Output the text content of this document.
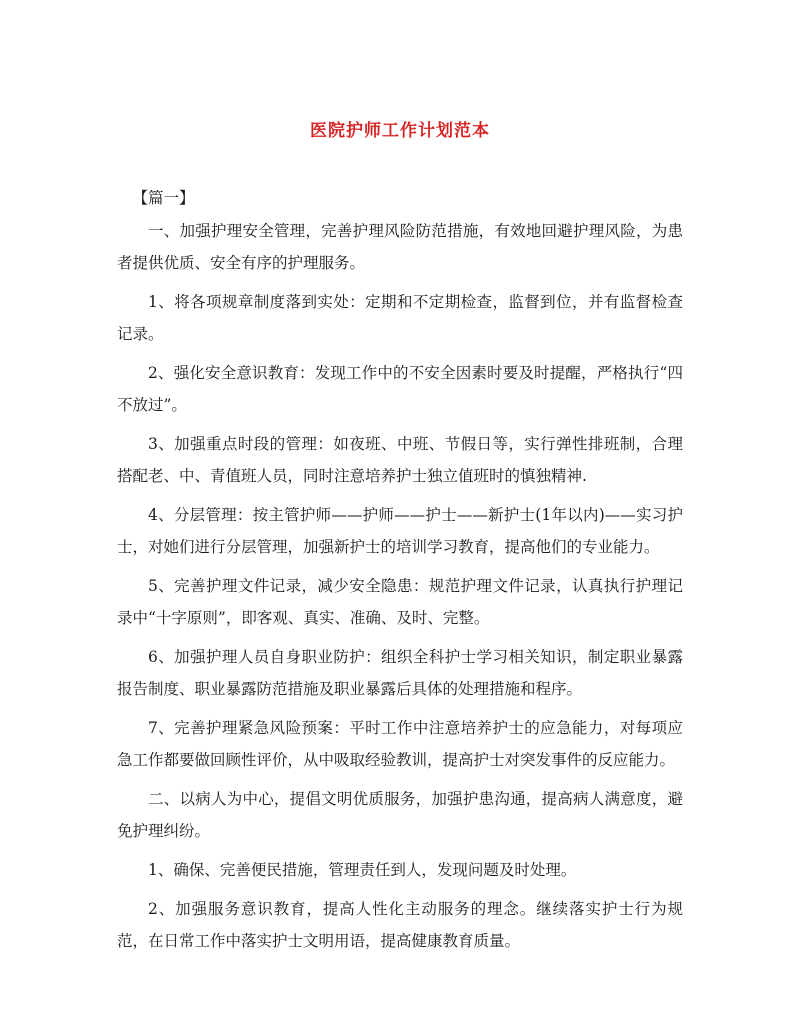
医院护师工作计划范本

【篇一】

一、加强护理安全管理，完善护理风险防范措施，有效地回避护理风险，为患者提供优质、安全有序的护理服务。

1、将各项规章制度落到实处：定期和不定期检查，监督到位，并有监督检查记录。

2、强化安全意识教育：发现工作中的不安全因素时要及时提醒，严格执行“四不放过”。

3、加强重点时段的管理：如夜班、中班、节假日等，实行弹性排班制，合理搭配老、中、青值班人员，同时注意培养护士独立值班时的慎独精神.

4、分层管理：按主管护师——护师——护士——新护士(1年以内)——实习护士，对她们进行分层管理，加强新护士的培训学习教育，提高他们的专业能力。

5、完善护理文件记录，减少安全隐患：规范护理文件记录，认真执行护理记录中“十字原则”，即客观、真实、准确、及时、完整。

6、加强护理人员自身职业防护：组织全科护士学习相关知识，制定职业暴露报告制度、职业暴露防范措施及职业暴露后具体的处理措施和程序。

7、完善护理紧急风险预案：平时工作中注意培养护士的应急能力，对每项应急工作都要做回顾性评价，从中吸取经验教训，提高护士对突发事件的反应能力。

二、以病人为中心，提倡文明优质服务，加强护患沟通，提高病人满意度，避免护理纠纷。

1、确保、完善便民措施，管理责任到人，发现问题及时处理。

2、加强服务意识教育，提高人性化主动服务的理念。继续落实护士行为规范，在日常工作中落实护士文明用语，提高健康教育质量。
